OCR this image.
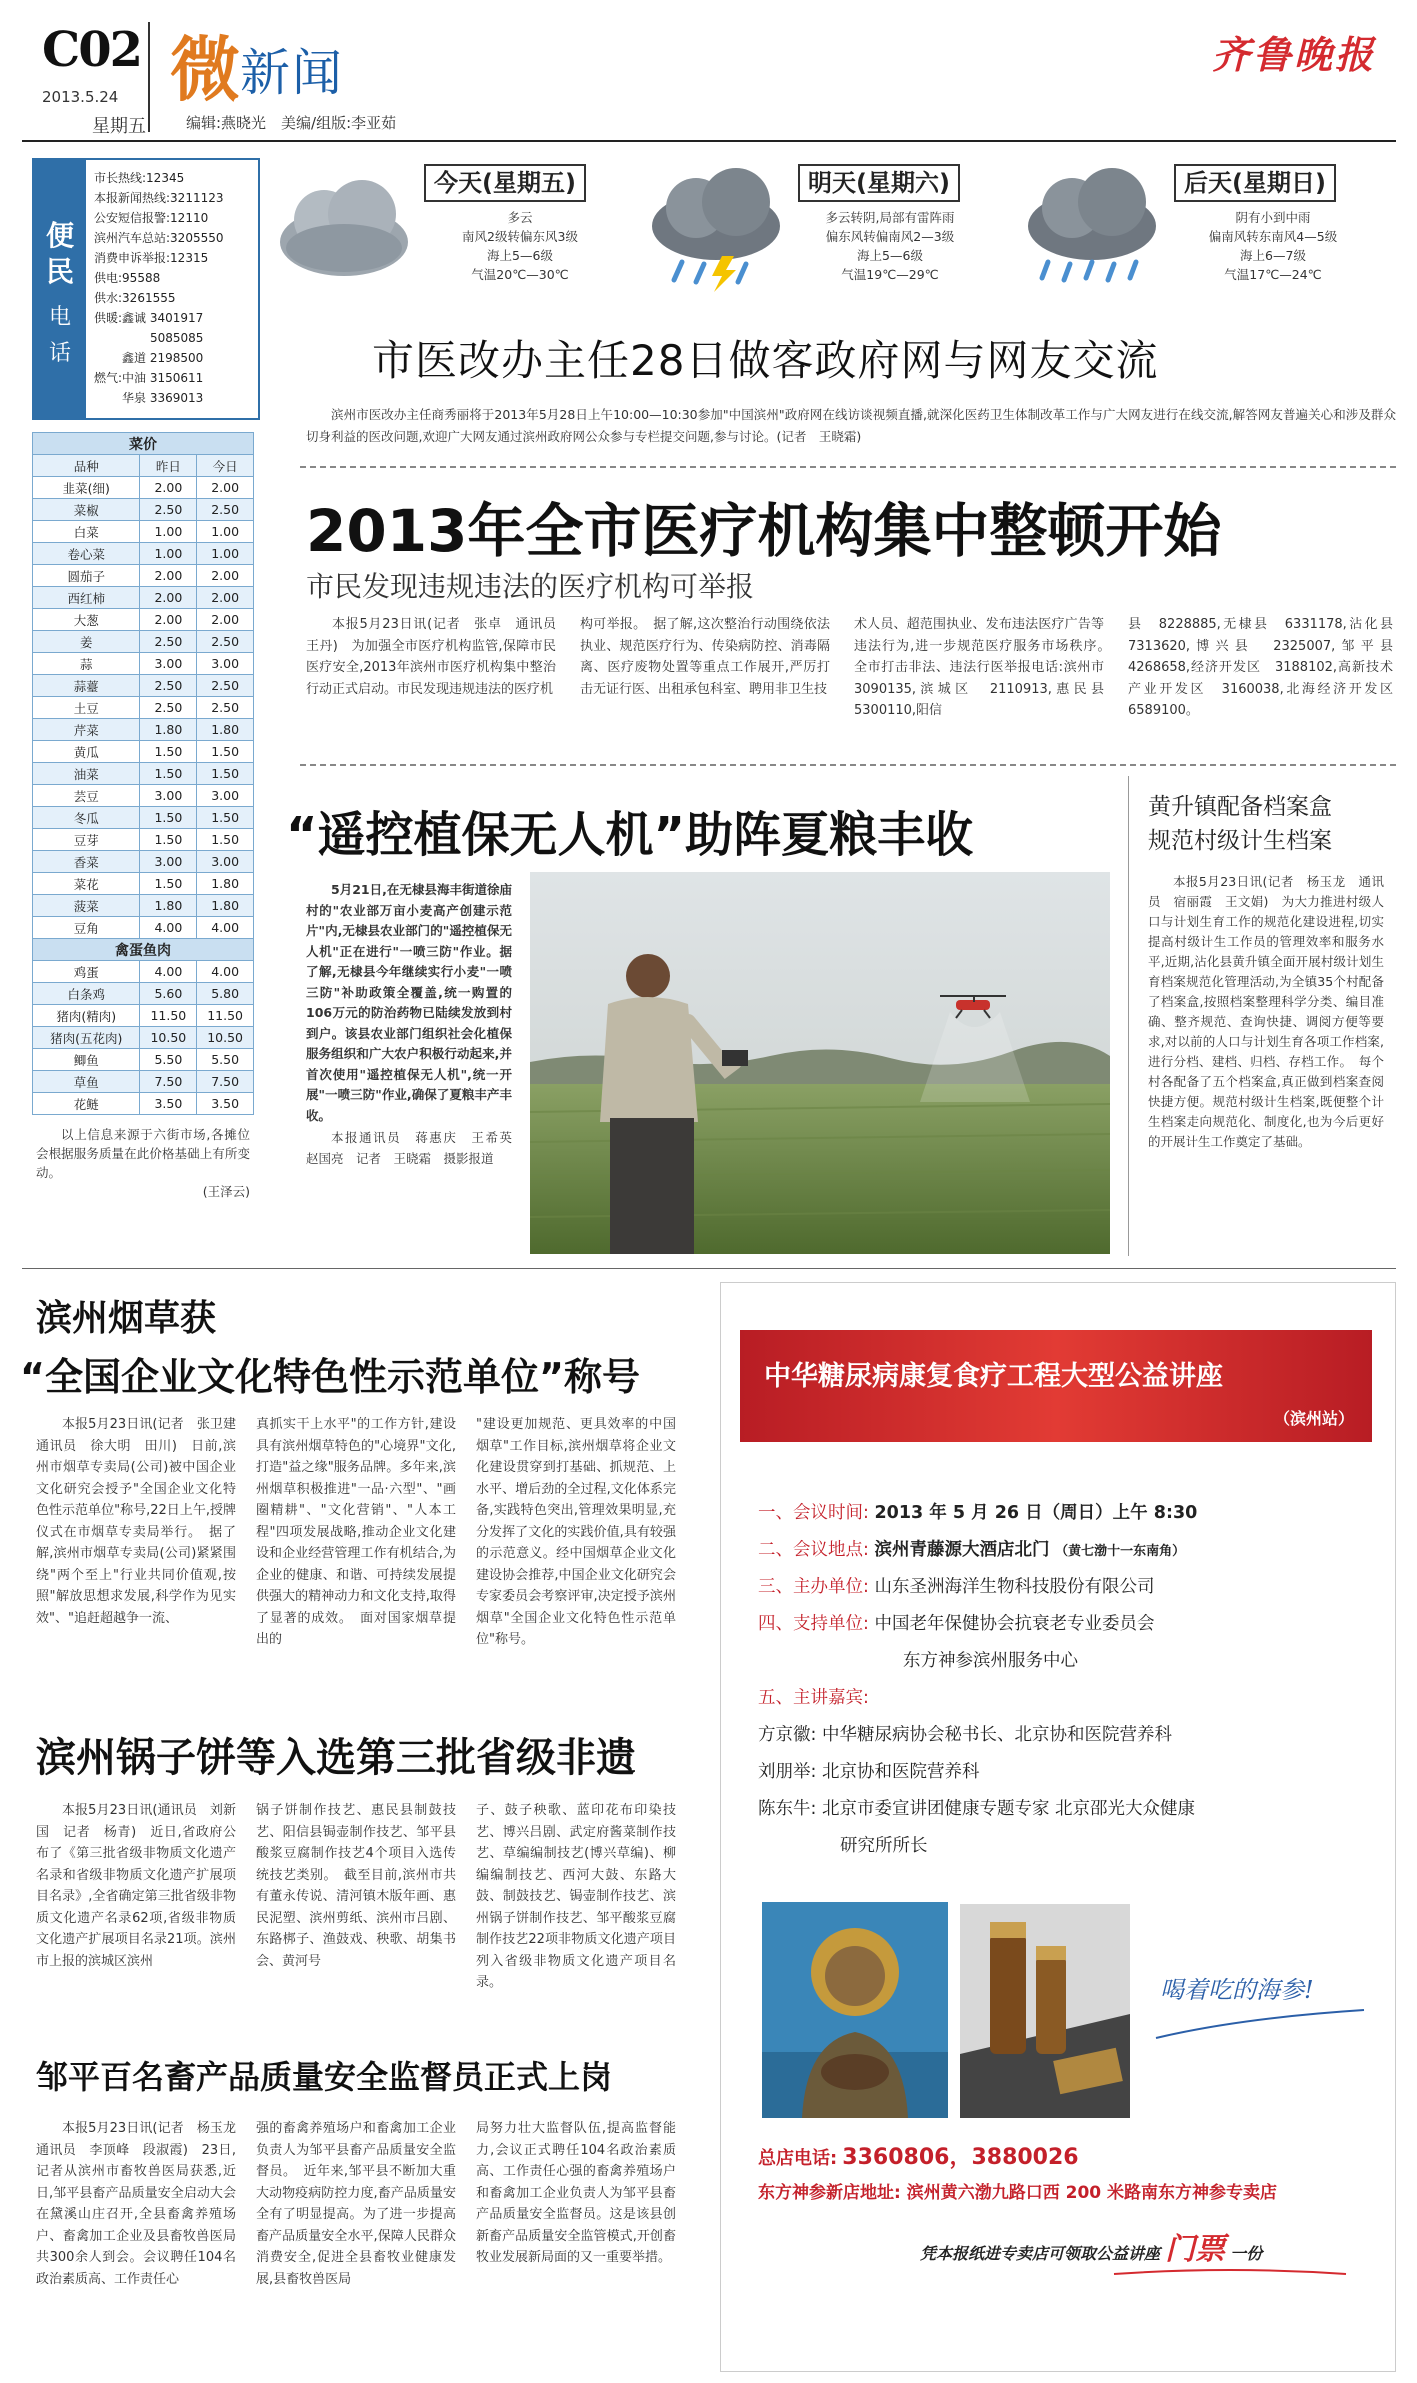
C02
2013.5.24
星期五
微新闻
编辑:燕晓光　美编/组版:李亚茹
齐鲁晚报
便
民
电
话
市长热线:12345
本报新闻热线:3211123
公安短信报警:12110
滨州汽车总站:3205550
消费申诉举报:12315
供电:95588
供水:3261555
供暖:鑫诚 3401917
5085085
鑫道 2198500
燃气:中油 3150611
华泉 3369013
今天(星期五)
多云
南风2级转偏东风3级
海上5—6级
气温20℃—30℃
明天(星期六)
多云转阴,局部有雷阵雨
偏东风转偏南风2—3级
海上5—6级
气温19℃—29℃
后天(星期日)
阴有小到中雨
偏南风转东南风4—5级
海上6—7级
气温17℃—24℃
市医改办主任28日做客政府网与网友交流
滨州市医改办主任商秀丽将于2013年5月28日上午10:00—10:30参加"中国滨州"政府网在线访谈视频直播,就深化医药卫生体制改革工作与广大网友进行在线交流,解答网友普遍关心和涉及群众切身利益的医改问题,欢迎广大网友通过滨州政府网公众参与专栏提交问题,参与讨论。(记者　王晓霜)
2013年全市医疗机构集中整顿开始
市民发现违规违法的医疗机构可举报
本报5月23日讯(记者　张卓　通讯员　王丹)　为加强全市医疗机构监管,保障市民医疗安全,2013年滨州市医疗机构集中整治行动正式启动。市民发现违规违法的医疗机
构可举报。　据了解,这次整治行动围绕依法执业、规范医疗行为、传染病防控、消毒隔离、医疗废物处置等重点工作展开,严厉打击无证行医、出租承包科室、聘用非卫生技
术人员、超范围执业、发布违法医疗广告等违法行为,进一步规范医疗服务市场秩序。　全市打击非法、违法行医举报电话:滨州市　3090135,滨城区　2110913,惠民县　5300110,阳信
县　8228885,无棣县　6331178,沾化县　7313620,博兴县　2325007,邹平县　4268658,经济开发区　3188102,高新技术产业开发区　3160038,北海经济开发区　6589100。
菜价		
品种	昨日	今日
韭菜(细)	2.00	2.00
菜椒	2.50	2.50
白菜	1.00	1.00
卷心菜	1.00	1.00
圆茄子	2.00	2.00
西红柿	2.00	2.00
大葱	2.00	2.00
姜	2.50	2.50
蒜	3.00	3.00
蒜薹	2.50	2.50
土豆	2.50	2.50
芹菜	1.80	1.80
黄瓜	1.50	1.50
油菜	1.50	1.50
芸豆	3.00	3.00
冬瓜	1.50	1.50
豆芽	1.50	1.50
香菜	3.00	3.00
菜花	1.50	1.80
菠菜	1.80	1.80
豆角	4.00	4.00
禽蛋鱼肉		
鸡蛋	4.00	4.00
白条鸡	5.60	5.80
猪肉(精肉)	11.50	11.50
猪肉(五花肉)	10.50	10.50
鲫鱼	5.50	5.50
草鱼	7.50	7.50
花鲢	3.50	3.50
以上信息来源于六街市场,各摊位会根据服务质量在此价格基础上有所变动。
(王泽云)
“遥控植保无人机”助阵夏粮丰收
5月21日,在无棣县海丰街道徐庙村的"农业部万亩小麦高产创建示范片"内,无棣县农业部门的"遥控植保无人机"正在进行"一喷三防"作业。据了解,无棣县今年继续实行小麦"一喷三防"补助政策全覆盖,统一购置的106万元的防治药物已陆续发放到村到户。该县农业部门组织社会化植保服务组织和广大农户积极行动起来,并首次使用"遥控植保无人机",统一开展"一喷三防"作业,确保了夏粮丰产丰收。
本报通讯员　蒋惠庆　王希英　赵国亮　记者　王晓霜　摄影报道
黄升镇配备档案盒
规范村级计生档案
本报5月23日讯(记者　杨玉龙　通讯员　宿丽霞　王文娟)　为大力推进村级人口与计划生育工作的规范化建设进程,切实提高村级计生工作员的管理效率和服务水平,近期,沾化县黄升镇全面开展村级计划生育档案规范化管理活动,为全镇35个村配备了档案盒,按照档案整理科学分类、编目准确、整齐规范、查询快捷、调阅方便等要求,对以前的人口与计划生育各项工作档案,进行分档、建档、归档、存档工作。　每个村各配备了五个档案盒,真正做到档案查阅快捷方便。规范村级计生档案,既便整个计生档案走向规范化、制度化,也为今后更好的开展计生工作奠定了基础。
滨州烟草获
“全国企业文化特色性示范单位”称号
本报5月23日讯(记者　张卫建　通讯员　徐大明　田川)　日前,滨州市烟草专卖局(公司)被中国企业文化研究会授予"全国企业文化特色性示范单位"称号,22日上午,授牌仪式在市烟草专卖局举行。　据了解,滨州市烟草专卖局(公司)紧紧围绕"两个至上"行业共同价值观,按照"解放思想求发展,科学作为见实效"、"追赶超越争一流、
真抓实干上水平"的工作方针,建设具有滨州烟草特色的"心境界"文化,打造"益之缘"服务品牌。多年来,滨州烟草积极推进"一品·六型"、"画圈精耕"、"文化营销"、"人本工程"四项发展战略,推动企业文化建设和企业经营管理工作有机结合,为企业的健康、和谐、可持续发展提供强大的精神动力和文化支持,取得了显著的成效。　面对国家烟草提出的
"建设更加规范、更具效率的中国烟草"工作目标,滨州烟草将企业文化建设贯穿到打基础、抓规范、上水平、增后劲的全过程,文化体系完备,实践特色突出,管理效果明显,充分发挥了文化的实践价值,具有较强的示范意义。经中国烟草企业文化建设协会推荐,中国企业文化研究会专家委员会考察评审,决定授予滨州烟草"全国企业文化特色性示范单位"称号。
滨州锅子饼等入选第三批省级非遗
本报5月23日讯(通讯员　刘新国　记者　杨青)　近日,省政府公布了《第三批省级非物质文化遗产名录和省级非物质文化遗产扩展项目名录》,全省确定第三批省级非物质文化遗产名录62项,省级非物质文化遗产扩展项目名录21项。滨州市上报的滨城区滨州
锅子饼制作技艺、惠民县制鼓技艺、阳信县锔壶制作技艺、邹平县酸浆豆腐制作技艺4个项目入选传统技艺类别。　截至目前,滨州市共有董永传说、清河镇木版年画、惠民泥塑、滨州剪纸、滨州市吕剧、东路梆子、渔鼓戏、秧歌、胡集书会、黄河号
子、鼓子秧歌、蓝印花布印染技艺、博兴吕剧、武定府酱菜制作技艺、草编编制技艺(博兴草编)、柳编编制技艺、西河大鼓、东路大鼓、制鼓技艺、锔壶制作技艺、滨州锅子饼制作技艺、邹平酸浆豆腐制作技艺22项非物质文化遗产项目列入省级非物质文化遗产项目名录。
邹平百名畜产品质量安全监督员正式上岗
本报5月23日讯(记者　杨玉龙　通讯员　李顶峰　段淑霞)　23日,记者从滨州市畜牧兽医局获悉,近日,邹平县畜产品质量安全启动大会在黛溪山庄召开,全县畜禽养殖场户、畜禽加工企业及县畜牧兽医局共300余人到会。会议聘任104名政治素质高、工作责任心
强的畜禽养殖场户和畜禽加工企业负责人为邹平县畜产品质量安全监督员。　近年来,邹平县不断加大重大动物疫病防控力度,畜产品质量安全有了明显提高。为了进一步提高畜产品质量安全水平,保障人民群众消费安全,促进全县畜牧业健康发展,县畜牧兽医局
局努力壮大监督队伍,提高监督能力,会议正式聘任104名政治素质高、工作责任心强的畜禽养殖场户和畜禽加工企业负责人为邹平县畜产品质量安全监督员。这是该县创新畜产品质量安全监管模式,开创畜牧业发展新局面的又一重要举措。
中华糖尿病康复食疗工程大型公益讲座
（滨州站）
一、会议时间: 2013 年 5 月 26 日（周日）上午 8:30
二、会议地点: 滨州青藤源大酒店北门 （黄七渤十一东南角）
三、主办单位: 山东圣洲海洋生物科技股份有限公司
四、支持单位: 中国老年保健协会抗衰老专业委员会
东方神参滨州服务中心
五、主讲嘉宾:
方京徽: 中华糖尿病协会秘书长、北京协和医院营养科
刘朋举: 北京协和医院营养科
陈东牛: 北京市委宣讲团健康专题专家 北京邵光大众健康
研究所所长
喝着吃的海参!
总店电话: 3360806，3880026
东方神参新店地址: 滨州黄六渤九路口西 200 米路南东方神参专卖店
凭本报纸进专卖店可领取公益讲座 门票 一份
